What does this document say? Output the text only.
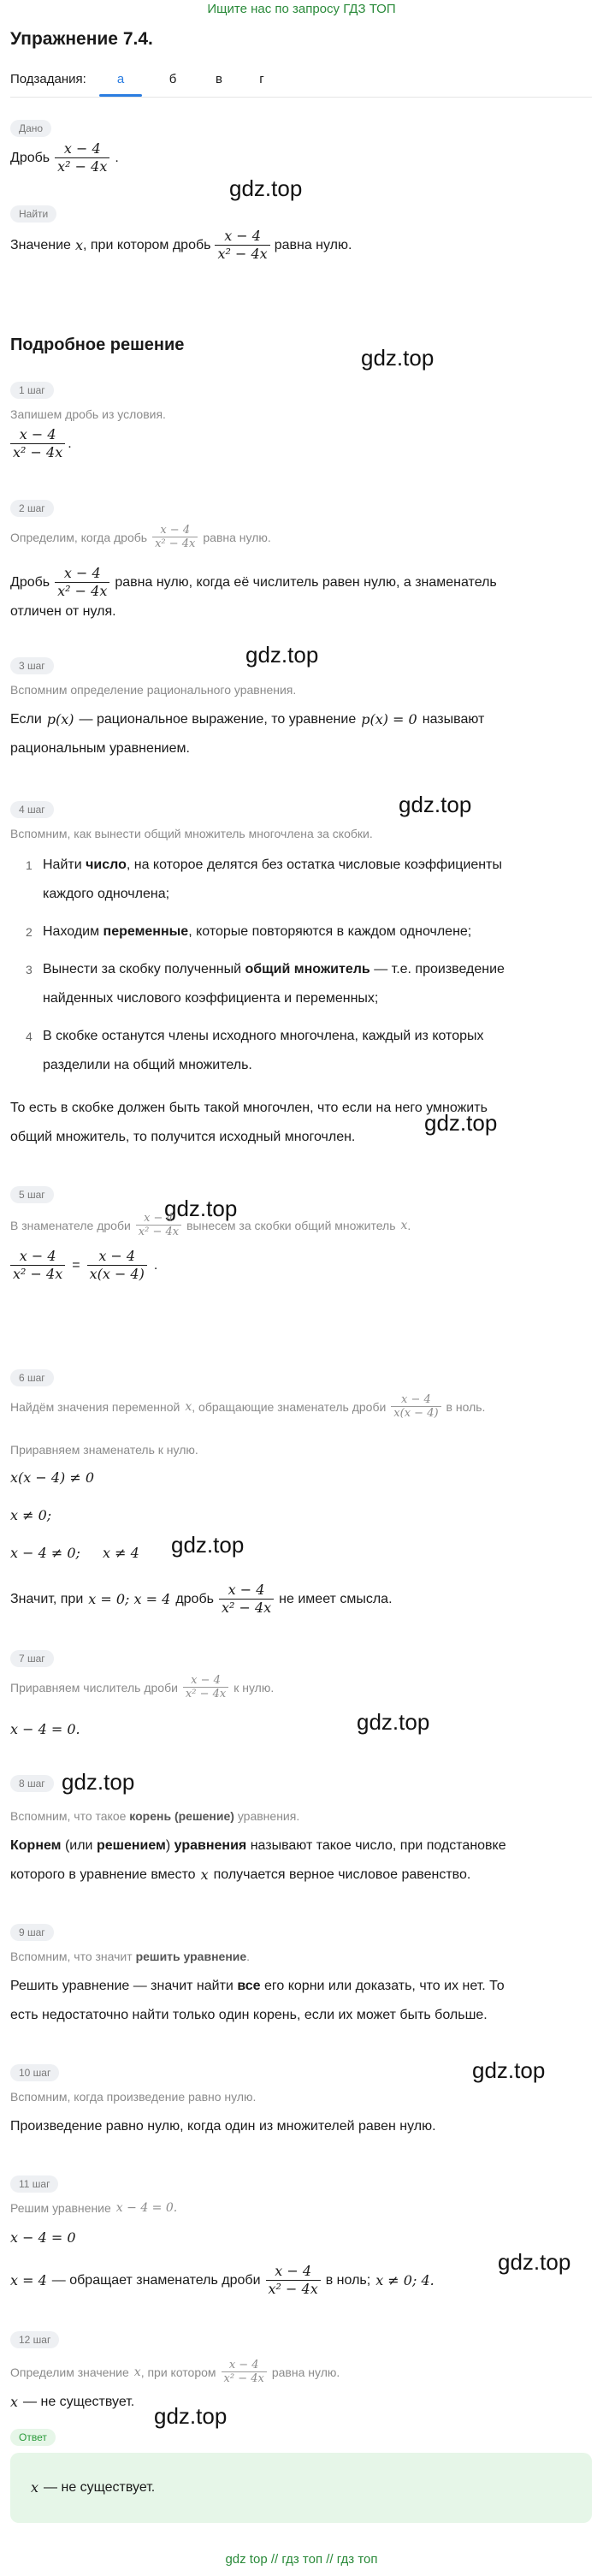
Ищите нас по запросу ГДЗ ТОП
Упражнение 7.4.
Подзадания:	а	б	в	г
Дано
Дробь $\frac{x - 4}{\text{x² − 4x}}$ .
Найти
Значение x , при котором дробь $\frac{x - 4}{\text{x² − 4x}}$ равна нулю.
gdz.top
gdz.top
gdz.top
gdz.top
gdz.top
gdz.top
gdz.top
gdz.top
gdz.top
gdz.top
gdz.top
gdz.top
Подробное решение
1 шаг
Запишем дробь из условия.
$\frac{x - 4}{\text{x² − 4x}}$ .
2 шаг
Определим, когда дробь $\frac{x - 4}{\text{x² − 4x}}$ равна нулю.
Дробь $\frac{x - 4}{\text{x² − 4x}}$ равна нулю, когда её числитель равен нулю, а знаменатель
отличен от нуля.
3 шаг
Вспомним определение рационального уравнения.
Если p(x) — рациональное выражение, то уравнение p(x) = 0 называют
рациональным уравнением.
4 шаг
Вспомним, как вынести общий множитель многочлена за скобки.
1 Найти число, на которое делятся без остатка числовые коэффициенты
каждого одночлена;
2 Находим переменные, которые повторяются в каждом одночлене;
3 Вынести за скобку полученный общий множитель — т.е. произведение
найденных числового коэффициента и переменных;
4 В скобке останутся члены исходного многочлена, каждый из которых
разделили на общий множитель.
То есть в скобке должен быть такой многочлен, что если на него умножить
общий множитель, то получится исходный многочлен.
5 шаг
В знаменателе дроби $\frac{x - 4}{\text{x² − 4x}}$ вынесем за скобки общий множитель x .
$\frac{x - 4}{\text{x² − 4x}} = \frac{x - 4}{x(x - 4)}$ .
6 шаг
Найдём значения переменной x , обращающие знаменатель дроби $\frac{x - 4}{x(x - 4)}$ в ноль.
Приравняем знаменатель к нулю.
x(x − 4) ≠ 0
x ≠ 0;
x − 4 ≠ 0; x ≠ 4
Значит, при x = 0; x = 4 дробь $\frac{x - 4}{\text{x² − 4x}}$ не имеет смысла.
7 шаг
Приравняем числитель дроби $\frac{x - 4}{\text{x² − 4x}}$ к нулю.
x − 4 = 0.
8 шаг
Вспомним, что такое корень (решение) уравнения.
Корнем (или решением) уравнения называют такое число, при подстановке
которого в уравнение вместо x получается верное числовое равенство.
9 шаг
Вспомним, что значит решить уравнение.
Решить уравнение — значит найти все его корни или доказать, что их нет. То
есть недостаточно найти только один корень, если их может быть больше.
10 шаг
Вспомним, когда произведение равно нулю.
Произведение равно нулю, когда один из множителей равен нулю.
11 шаг
Решим уравнение x − 4 = 0.
x − 4 = 0
x = 4 — обращает знаменатель дроби $\frac{x - 4}{\text{x² − 4x}}$ в ноль; x ≠ 0; 4.
12 шаг
Определим значение x , при котором $\frac{x - 4}{\text{x² − 4x}}$ равна нулю.
x — не существует.
Ответ
x — не существует.
gdz top // гдз топ // гдз топ
